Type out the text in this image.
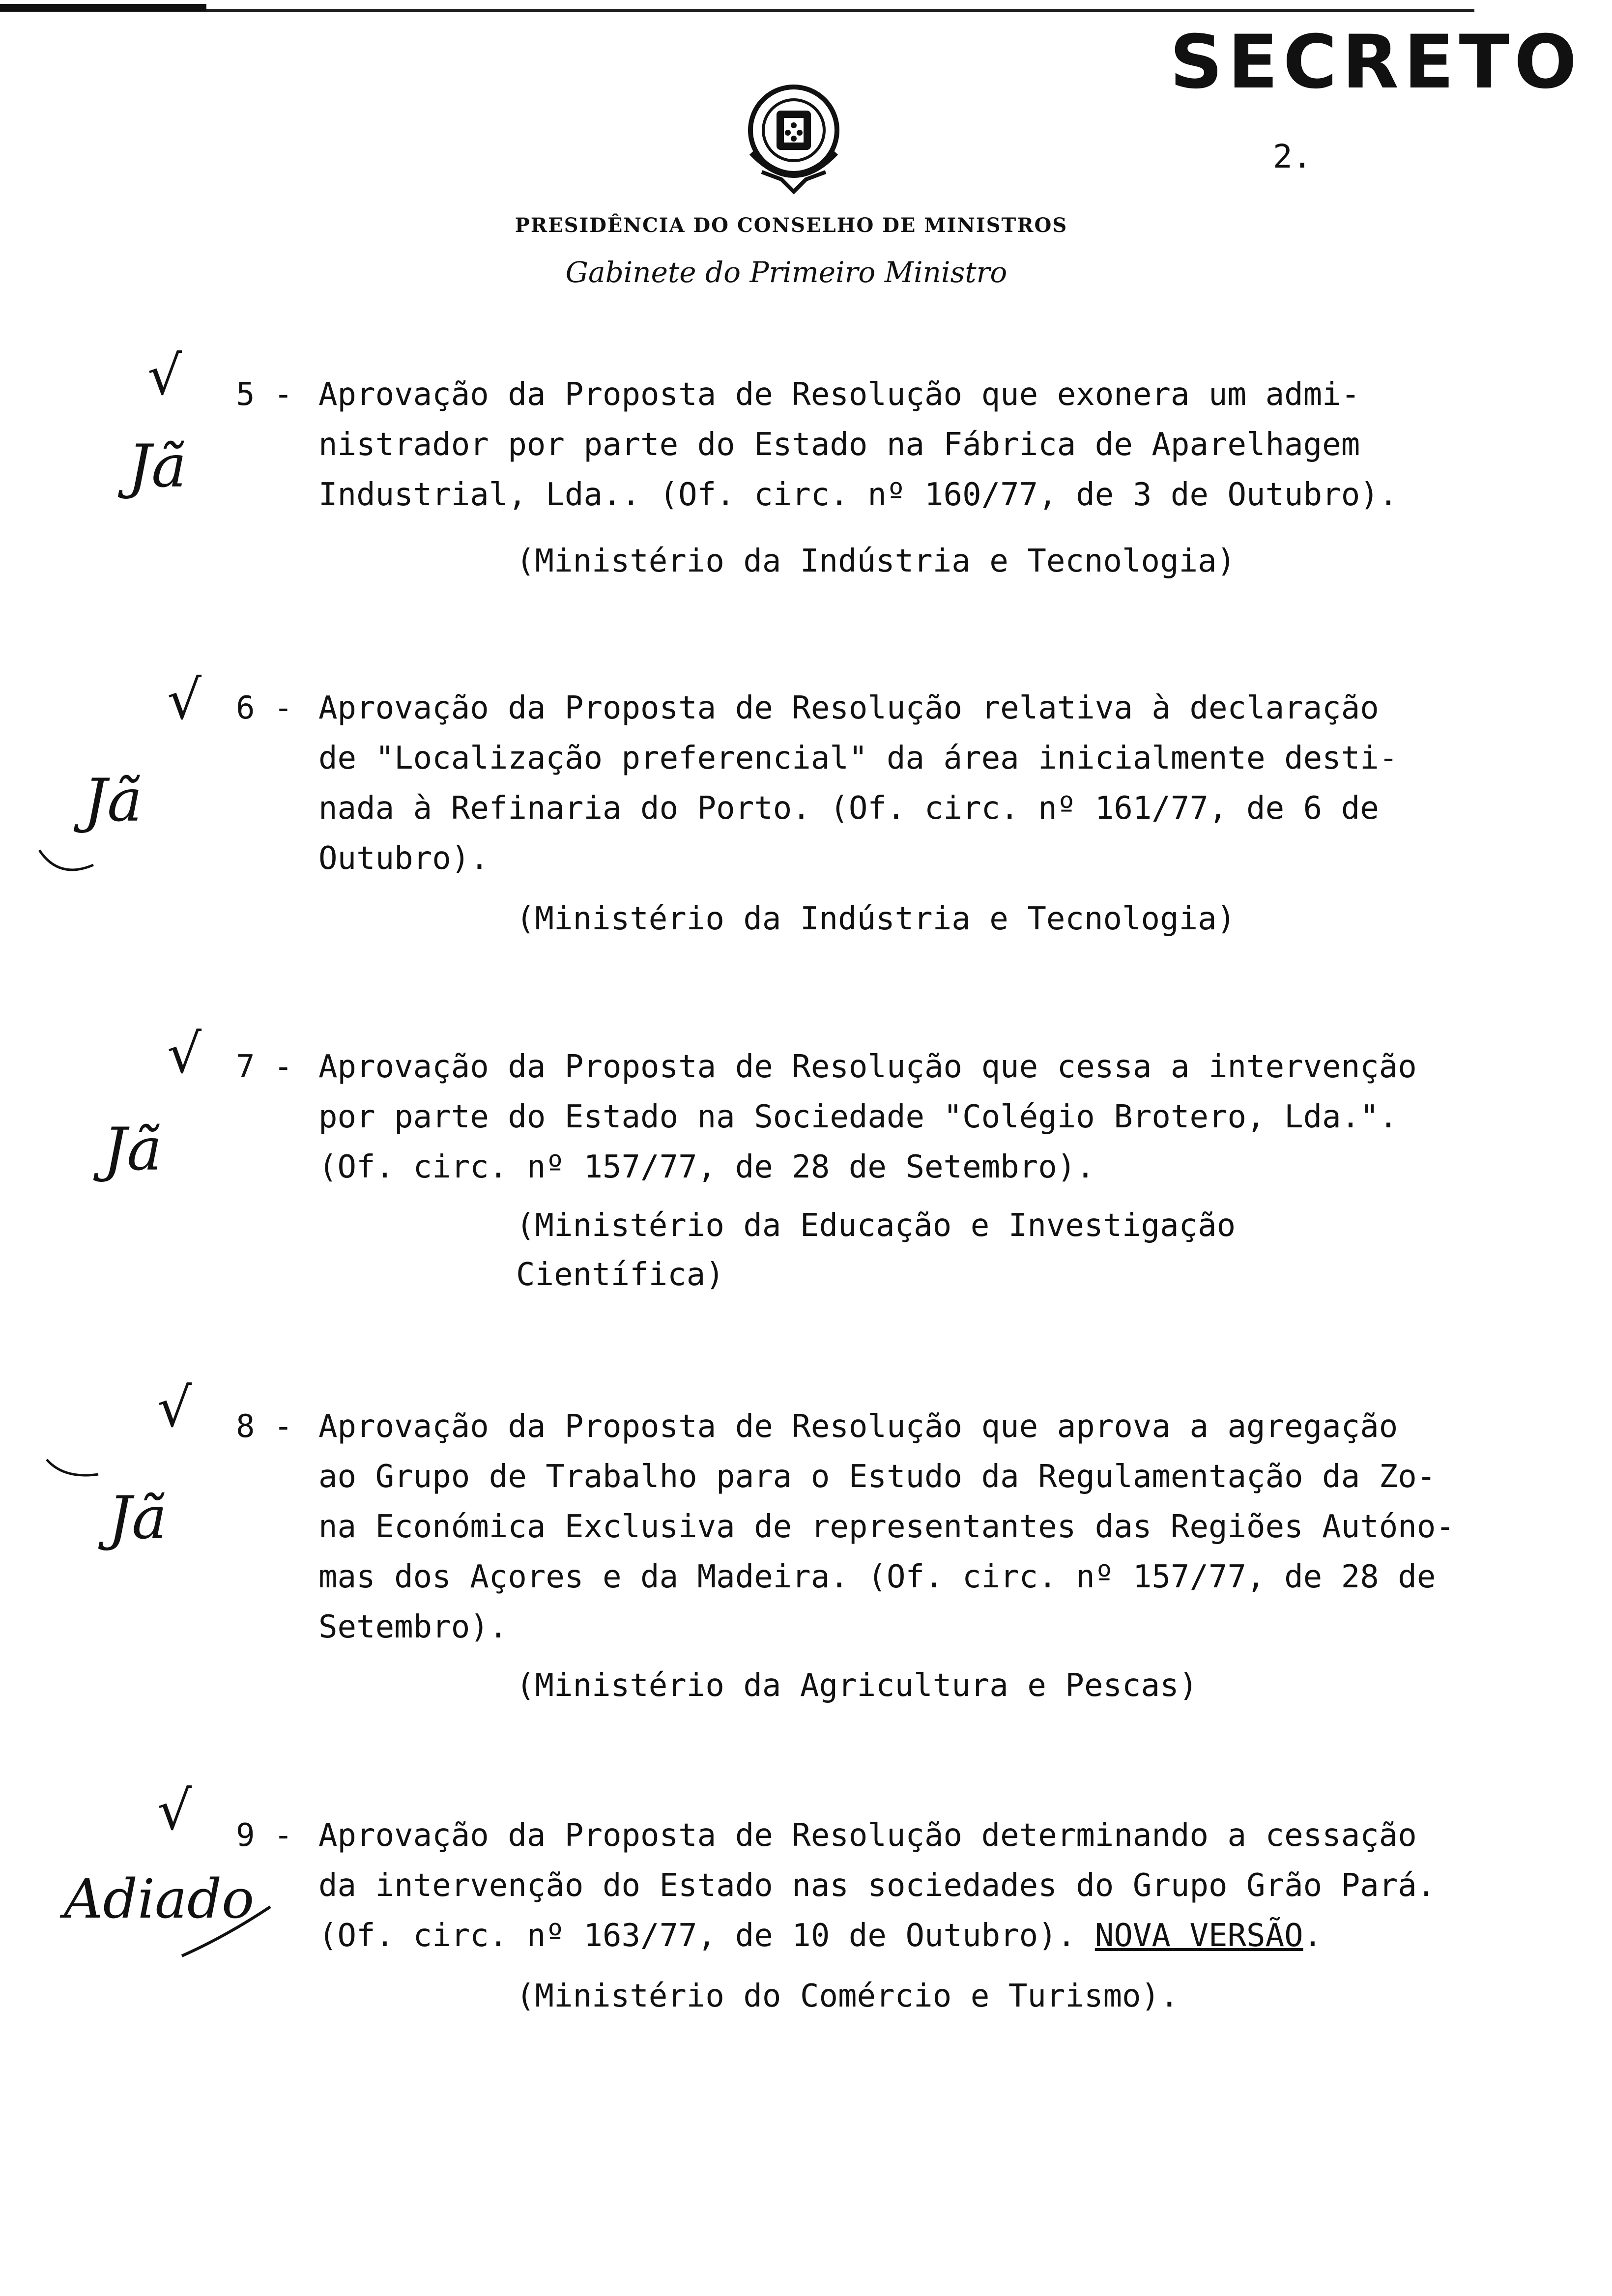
SECRETO
2.
PRESIDÊNCIA DO CONSELHO DE MINISTROS
Gabinete do Primeiro Ministro
5 - Aprovação da Proposta de Resolução que exonera um admi-
nistrador por parte do Estado na Fábrica de Aparelhagem
Industrial, Lda.. (Of. circ. nº 160/77, de 3 de Outubro).
(Ministério da Indústria e Tecnologia)
6 - Aprovação da Proposta de Resolução relativa à declaração
de "Localização preferencial" da área inicialmente desti-
nada à Refinaria do Porto. (Of. circ. nº 161/77, de 6 de
Outubro).
(Ministério da Indústria e Tecnologia)
7 - Aprovação da Proposta de Resolução que cessa a intervenção
por parte do Estado na Sociedade "Colégio Brotero, Lda.".
(Of. circ. nº 157/77, de 28 de Setembro).
(Ministério da Educação e Investigação
Científica)
8 - Aprovação da Proposta de Resolução que aprova a agregação
ao Grupo de Trabalho para o Estudo da Regulamentação da Zo-
na Económica Exclusiva de representantes das Regiões Autóno-
mas dos Açores e da Madeira. (Of. circ. nº 157/77, de 28 de
Setembro).
(Ministério da Agricultura e Pescas)
9 - Aprovação da Proposta de Resolução determinando a cessação
da intervenção do Estado nas sociedades do Grupo Grão Pará.
(Of. circ. nº 163/77, de 10 de Outubro). NOVA VERSÃO.
(Ministério do Comércio e Turismo).
√
Jã
√
Jã
√
Jã
√
Jã
√
Adiado
